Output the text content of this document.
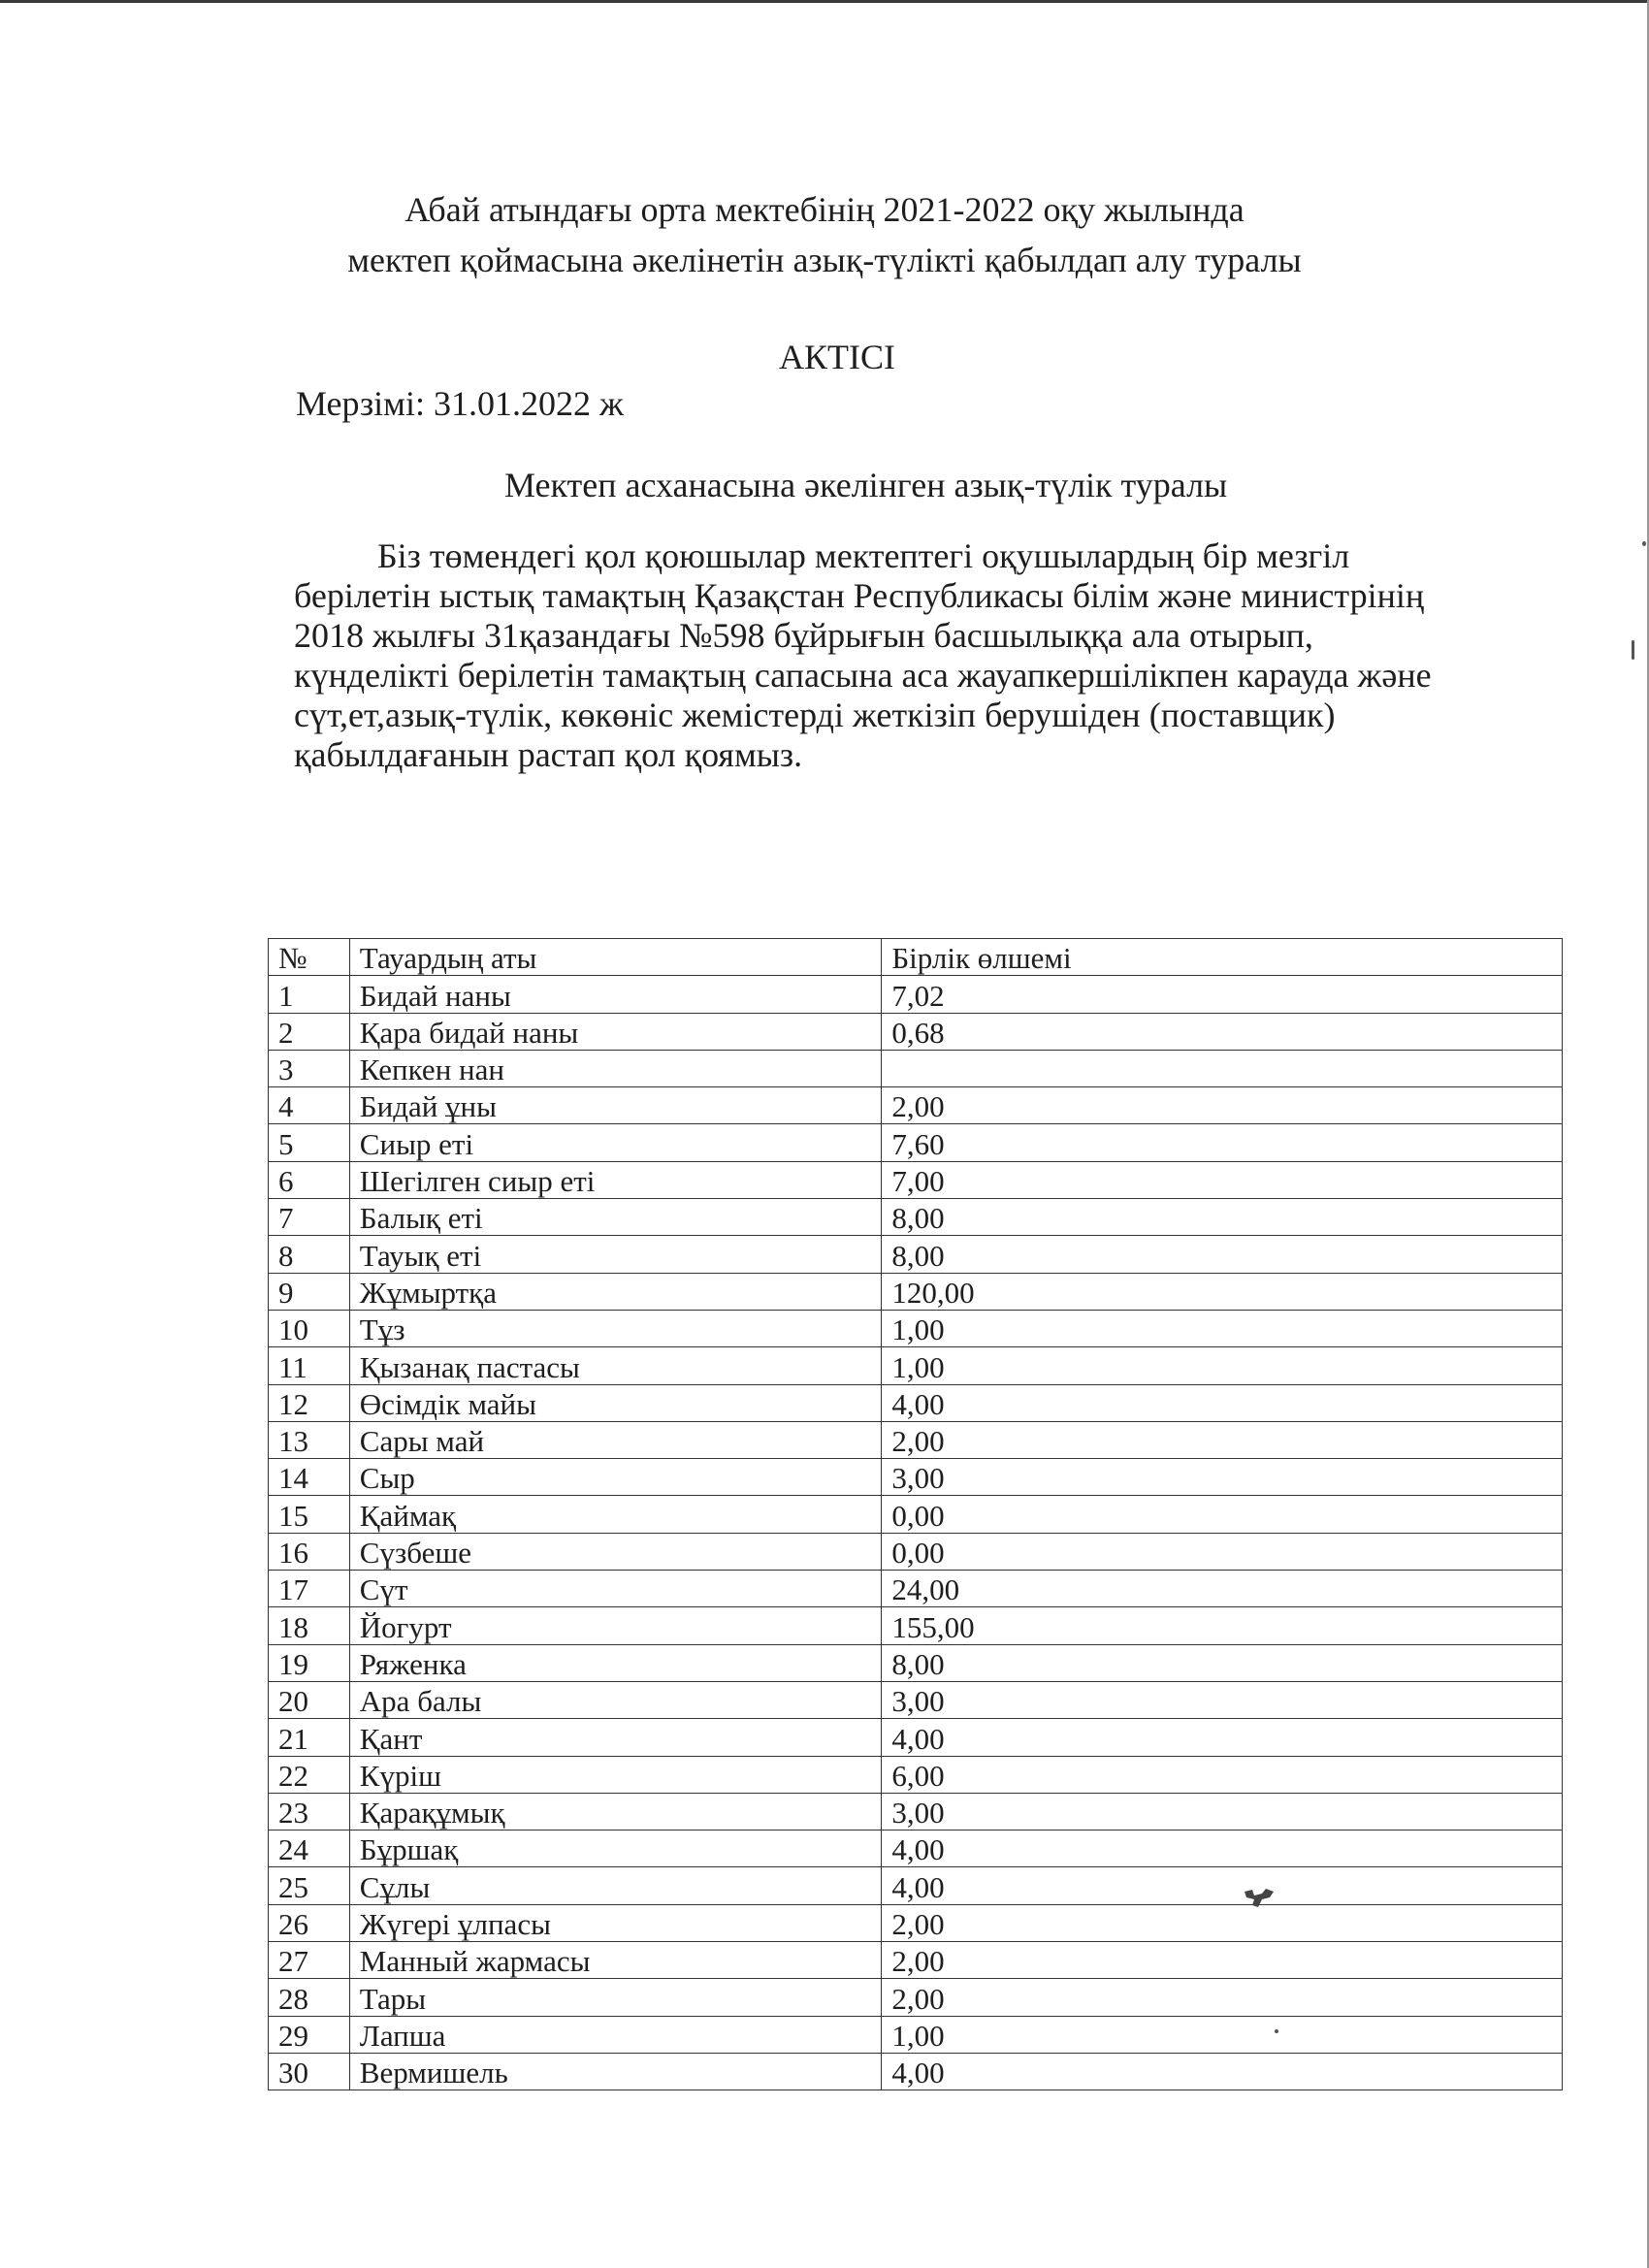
Абай атындағы орта мектебінің 2021-2022 оқу жылында
мектеп қоймасына әкелінетін азық-түлікті қабылдап алу туралы
АКТІСІ
Мерзімі: 31.01.2022 ж
Мектеп асханасына әкелінген азық-түлік туралы
Біз төмендегі қол қоюшылар мектептегі оқушылардың бір мезгіл
берілетін ыстық тамақтың Қазақстан Республикасы білім және министрінің
2018 жылғы 31қазандағы №598 бұйрығын басшылыққа ала отырып,
күнделікті берілетін тамақтың сапасына аса жауапкершілікпен карауда және
сүт,ет,азық-түлік, көкөніс жемістерді жеткізіп берушіден (поставщик)
қабылдағанын растап қол қоямыз.
№	Тауардың аты	Бірлік өлшемі
1	Бидай наны	7,02
2	Қара бидай наны	0,68
3	Кепкен нан	
4	Бидай ұны	2,00
5	Сиыр еті	7,60
6	Шегілген сиыр еті	7,00
7	Балық еті	8,00
8	Тауық еті	8,00
9	Жұмыртқа	120,00
10	Тұз	1,00
11	Қызанақ пастасы	1,00
12	Өсімдік майы	4,00
13	Сары май	2,00
14	Сыр	3,00
15	Қаймақ	0,00
16	Сүзбеше	0,00
17	Сүт	24,00
18	Йогурт	155,00
19	Ряженка	8,00
20	Ара балы	3,00
21	Қант	4,00
22	Күріш	6,00
23	Қарақұмық	3,00
24	Бұршақ	4,00
25	Сұлы	4,00
26	Жүгері ұлпасы	2,00
27	Манный жармасы	2,00
28	Тары	2,00
29	Лапша	1,00
30	Вермишель	4,00
